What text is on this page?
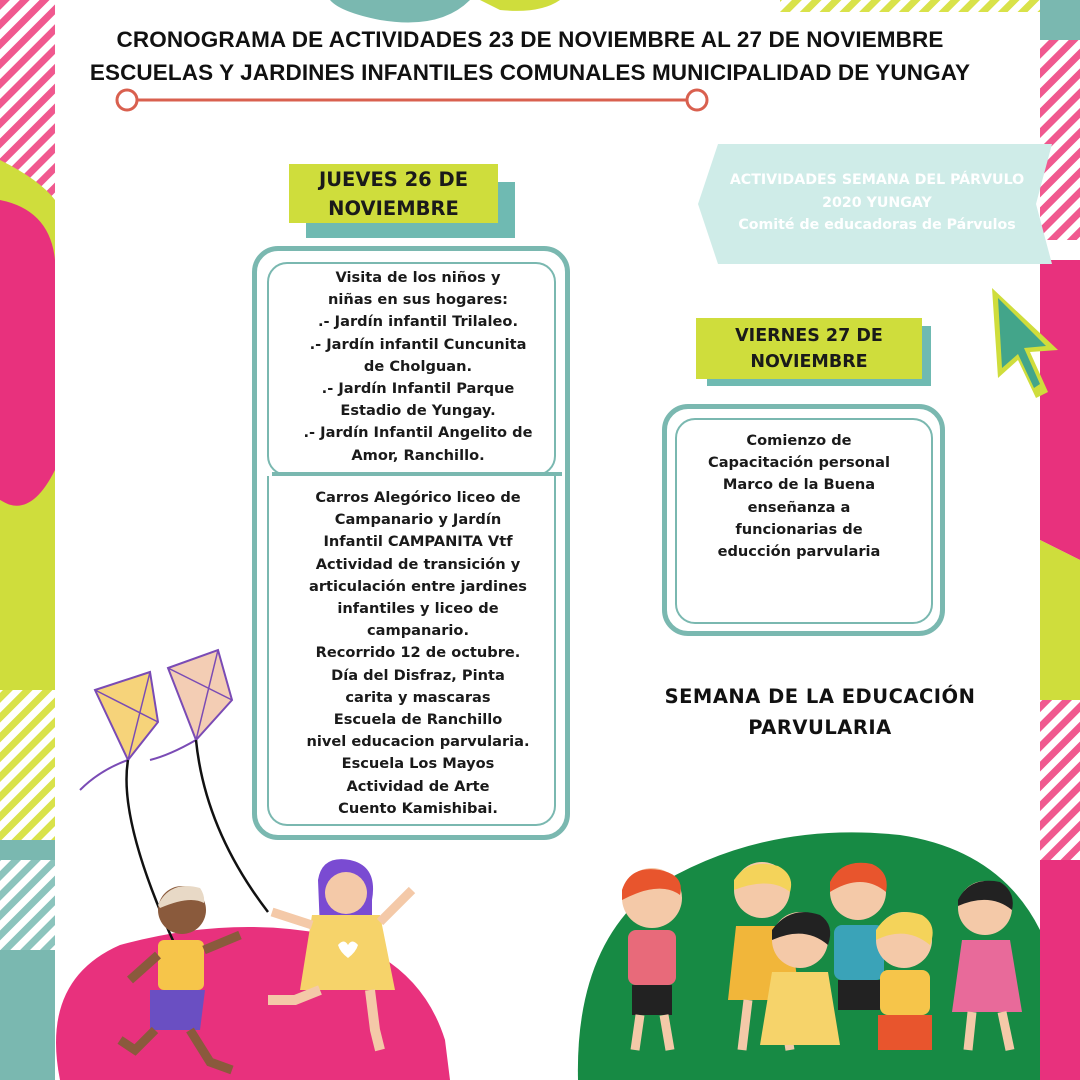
CRONOGRAMA DE ACTIVIDADES 23 DE NOVIEMBRE AL 27 DE NOVIEMBRE
ESCUELAS Y JARDINES INFANTILES COMUNALES MUNICIPALIDAD DE YUNGAY
ACTIVIDADES SEMANA DEL PÁRVULO
2020 YUNGAY
Comité de educadoras de Párvulos
JUEVES 26 DE
NOVIEMBRE
Visita de los niños y
niñas en sus hogares:
.- Jardín infantil Trilaleo.
.- Jardín infantil Cuncunita
de Cholguan.
.- Jardín Infantil Parque
Estadio de Yungay.
.- Jardín Infantil Angelito de
Amor, Ranchillo.
Carros Alegórico liceo de
Campanario y Jardín
Infantil CAMPANITA Vtf
Actividad de transición y
articulación entre jardines
infantiles y liceo de
campanario.
Recorrido 12 de octubre.
Día del Disfraz, Pinta
carita y mascaras
Escuela de Ranchillo
nivel educacion parvularia.
Escuela Los Mayos
Actividad de Arte
Cuento Kamishibai.
VIERNES 27 DE
NOVIEMBRE
Comienzo de
Capacitación personal
Marco de la Buena
enseñanza a
funcionarias de
educción parvularia
SEMANA DE LA EDUCACIÓN
PARVULARIA
